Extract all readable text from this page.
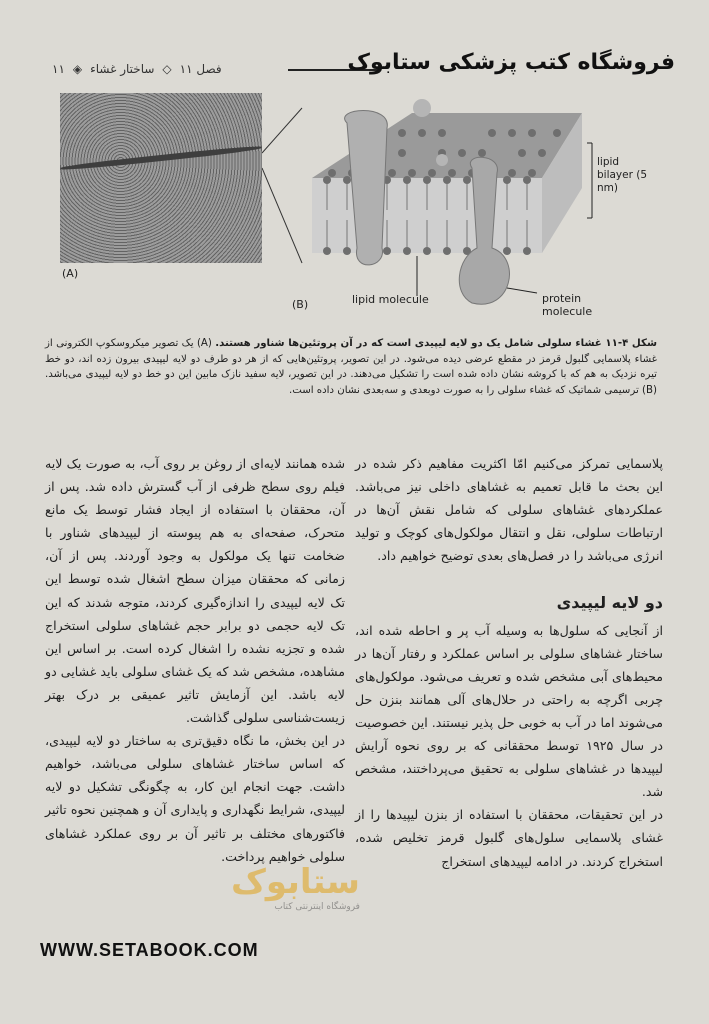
۱۱ ◈ ساختار غشاء ◇ فصل ۱۱	فروشگاه کتب پزشکی ستابوک
(A)
(B)
lipid bilayer (5 nm)
lipid molecule	protein molecule
شکل ۴-۱۱ غشاء سلولی شامل یک دو لایه لیپیدی است که در آن پروتئین‌ها شناور هستند. (A) یک تصویر میکروسکوپ الکترونی از غشاء پلاسمایی گلبول قرمز در مقطع عرضی دیده می‌شود. در این تصویر، پروتئین‌هایی که از هر دو طرف دو لایه لیپیدی بیرون زده اند، دو خط تیره نزدیک به هم که با کروشه نشان داده شده است را تشکیل می‌دهند. در این تصویر، لایه سفید نازک مابین این دو خط دو لایه لیپیدی می‌باشد. (B) ترسیمی شماتیک که غشاء سلولی را به صورت دوبعدی و سه‌بعدی نشان داده است.

پلاسمایی تمرکز می‌کنیم امّا اکثریت مفاهیم ذکر شده در این بحث ما قابل تعمیم به غشاهای داخلی نیز می‌باشد. عملکردهای غشاهای سلولی که شامل نقش آن‌ها در ارتباطات سلولی، نقل و انتقال مولکول‌های کوچک و تولید انرژی می‌باشد را در فصل‌های بعدی توضیح خواهیم داد.

دو لایه لیپیدی

از آنجایی که سلول‌ها به وسیله آب پر و احاطه شده اند، ساختار غشاهای سلولی بر اساس عملکرد و رفتار آن‌ها در محیط‌های آبی مشخص شده و تعریف می‌شود. مولکول‌های چربی اگرچه به راحتی در حلال‌های آلی همانند بنزن حل می‌شوند اما در آب به خوبی حل پذیر نیستند. این خصوصیت در سال ۱۹۲۵ توسط محققانی که بر روی نحوه آرایش لیپیدها در غشاهای سلولی به تحقیق می‌پرداختند، مشخص شد.

در این تحقیقات، محققان با استفاده از بنزن لیپیدها را از غشای پلاسمایی سلول‌های گلبول قرمز تخلیص شده، استخراج کردند. در ادامه لیپیدهای استخراج

شده همانند لایه‌ای از روغن بر روی آب، به صورت یک لایه فیلم روی سطح ظرفی از آب گسترش داده شد. پس از آن، محققان با استفاده از ایجاد فشار توسط یک مانع متحرک، صفحه‌ای به هم پیوسته از لیپیدهای شناور با ضخامت تنها یک مولکول به وجود آوردند. پس از آن، زمانی که محققان میزان سطح اشغال شده توسط این تک لایه لیپیدی را اندازه‌گیری کردند، متوجه شدند که این تک لایه حجمی دو برابر حجم غشاهای سلولی استخراج شده و تجزیه نشده را اشغال کرده است. بر اساس این مشاهده، مشخص شد که یک غشای سلولی باید غشایی دو لایه باشد. این آزمایش تاثیر عمیقی بر درک بهتر زیست‌شناسی سلولی گذاشت.

در این بخش، ما نگاه دقیق‌تری به ساختار دو لایه لیپیدی، که اساس ساختار غشاهای سلولی می‌باشد، خواهیم داشت. جهت انجام این کار، به چگونگی تشکیل دو لایه لیپیدی، شرایط نگهداری و پایداری آن و همچنین نحوه تاثیر فاکتورهای مختلف بر تاثیر آن بر روی عملکرد غشاهای سلولی خواهیم پرداخت.

ستابوک
فروشگاه اینترنتی کتاب
WWW.SETABOOK.COM
